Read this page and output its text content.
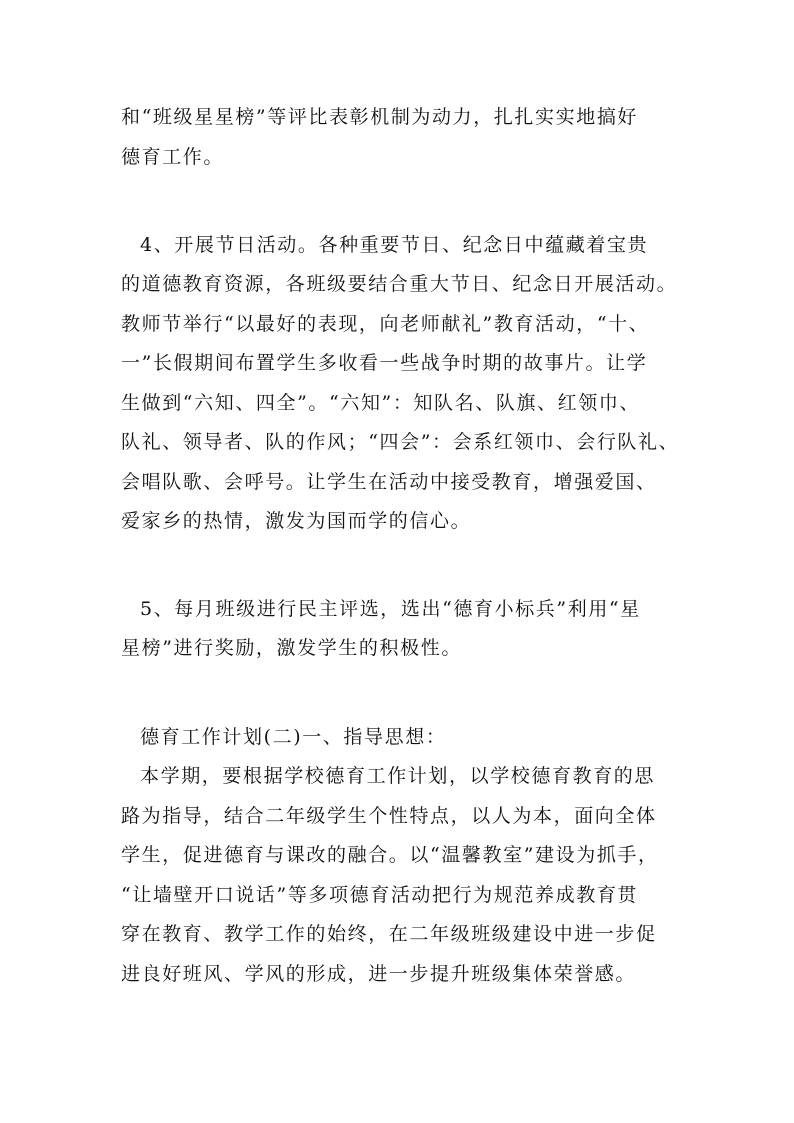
和“班级星星榜”等评比表彰机制为动力，扎扎实实地搞好
德育工作。
4、开展节日活动。各种重要节日、纪念日中蕴藏着宝贵
的道德教育资源，各班级要结合重大节日、纪念日开展活动。
教师节举行“以最好的表现，向老师献礼”教育活动，“十、
一”长假期间布置学生多收看一些战争时期的故事片。让学
生做到“六知、四全”。“六知”：知队名、队旗、红领巾、
队礼、领导者、队的作风；“四会”：会系红领巾、会行队礼、
会唱队歌、会呼号。让学生在活动中接受教育，增强爱国、
爱家乡的热情，激发为国而学的信心。
5、每月班级进行民主评选，选出“德育小标兵”利用“星
星榜”进行奖励，激发学生的积极性。
德育工作计划(二)一、指导思想：
本学期，要根据学校德育工作计划，以学校德育教育的思
路为指导，结合二年级学生个性特点，以人为本，面向全体
学生，促进德育与课改的融合。以“温馨教室”建设为抓手，
“让墙壁开口说话”等多项德育活动把行为规范养成教育贯
穿在教育、教学工作的始终，在二年级班级建设中进一步促
进良好班风、学风的形成，进一步提升班级集体荣誉感。
